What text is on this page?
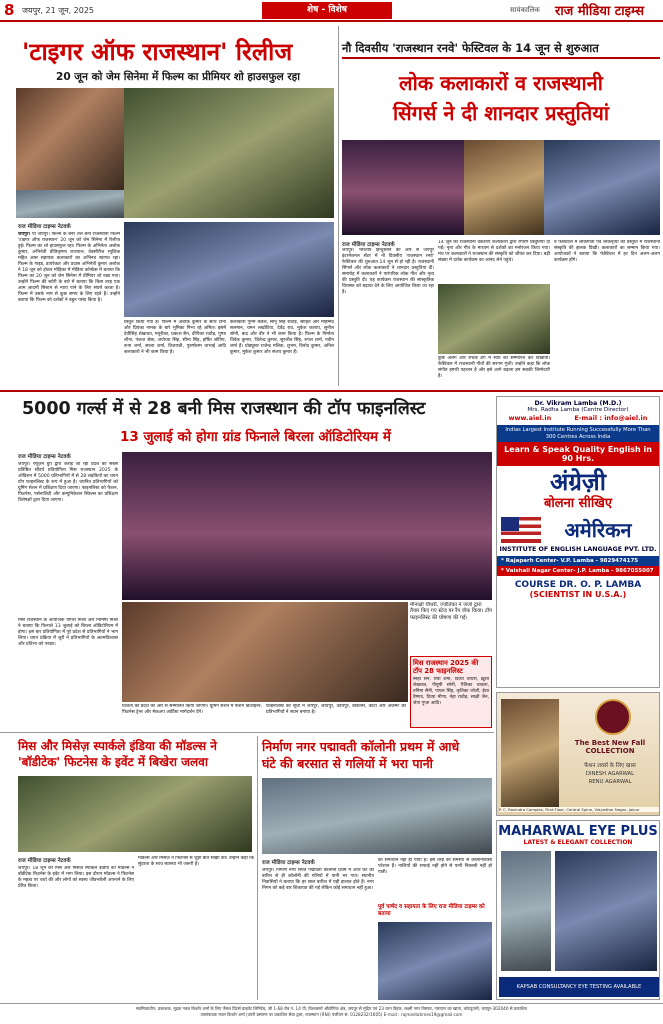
8 जयपुर, 21 जून, 2025	शेष - विशेष	सायंकालिक राज मीडिया टाइम्स
'टाइगर ऑफ राजस्थान' रिलीज
20 जून को जेम सिनेमा में फिल्म का प्रीमियर शो हाउसफुल रहा
राज मीडिया टाइम्स नेटवर्क
जयपुर। पी जयपुर। फिल्म के बैनर तले बनी राजस्थानी फिल्म 'टाइगर ऑफ राजस्थान' 20 जून को जेम सिनेमा में रिलीज हुई। फिल्म का शो हाउसफुल रहा। फिल्म के अभिनेता अशोक कुमार, अभिनेत्री प्रीतिकृष्णा राजपाल, वेबसीरीज म्यूजिक महित आस सहायक कलाकारों का अभिनव स्वागत रहा। फिल्म के गाइड, डायरेक्टर और प्रदास अभिनेत्री कुमार अशोक ने 18 जून को होटल मोहिका में मीडिया कॉन्फ्रेंस में बताया कि फिल्म का 20 जून को जेम सिनेमा में प्रीमियर शो रखा गया। उन्होंने फिल्म की स्टोरी के बारे में बताया कि किस तरह एक आम आदमी सिस्टम से न्याय पाने के लिए संघर्ष करता है। फिल्म में उसके नाम से कुछ समय के लिए रहते हैं। उन्होंने बताया कि फिल्म को दर्शकों ने बहुत पसंद किया है।
प्रस्तुत किया गया है। फिल्म में अशोक कुमार के साथ टीना और प्रियंका नामक के बारे भूमिका निभा रहे अमित। इसमें देवीसिंह शेखावत, मयूरीका, प्रकाश सैन, दीपिका राठौड़, पुष्पा शीना, पंकज श्रेष्ठा, अयोध्या सिंह, सीमा सिंह, हर्षित श्रोत्रिय, रूपा शर्मा, सरला शर्मा, विजयश्री, पुरुषोत्तम धाभाई आदि कलाकारों ने भी काम किया है।
कलाकारों पूनम केवल, सोनू सिंह राठौड़, सोहित और मोहम्मद सलमान, चमन लखोटिया, देवेंद्र राव, मुकेश कश्यप, सुनील सोनी, बाद और वीर ने भी काम किया है। फिल्म के निर्माता विवेक कुमार, जितेन्द्र कुमार, सुरजीत सिंह, रुपल शर्मा, नवीन शर्मा हैं। प्रोड्यूसर राजेन्द्र मलिक, शुभम, विनोद कुमार, अनिल कुमार, मुकेश कुमार और संजय कुमार हैं।
नौ दिवसीय 'राजस्थान रनवे' फेस्टिवल के 14 जून से शुरुआत
लोक कलाकारों व राजस्थानी
सिंगर्स ने दी शानदार प्रस्तुतियां
राज मीडिया टाइम्स नेटवर्क
जयपुर। भारतीय हिन्दुस्तान की ओर से जयपुर इंटरनेशनल सेंटर में नौ दिवसीय 'राजस्थान रनवे' फेस्टिवल की शुरुआत 14 जून से हो रही है। राजस्थानी सिंगर्स और लोक कलाकारों ने शानदार प्रस्तुतियां दीं। समारोह में कलाकारों ने पारंपरिक लोक गीत और नृत्य की प्रस्तुति दी। यह कार्यक्रम राजस्थान की सांस्कृतिक विरासत को बढ़ावा देने के लिए आयोजित किया जा रहा है।
14 जून को राजस्थानी वर्कशॉप कलाकारों द्वारा रंगारंग प्रस्तुतियां दी गईं। नृत्य और गीत के माध्यम से दर्शकों का मनोरंजन किया गया। मंच पर कलाकारों ने राजस्थान की संस्कृति को जीवंत कर दिया। बड़ी संख्या में दर्शक कार्यक्रम का आनंद लेने पहुंचे।
कुछ अलग और रोचक ढंग में स्वयं को सम्मानित कर दिखाया। फेस्टिवल में राजस्थानी गीतों की सरगम गूंजी। उन्होंने कहा कि लोक संगीत हमारी पहचान है और इसे आगे बढ़ाना हम सबकी जिम्मेदारी है।
वे फेस्टिवल में लोकगीतों एवं लोकनृत्यों की प्रस्तुति में राजस्थानी संस्कृति की झलक दिखी। कलाकारों का सम्मान किया गया। आयोजकों ने बताया कि फेस्टिवल में हर दिन अलग-अलग कार्यक्रम होंगे।
5000 गर्ल्स में से 28 बनी मिस राजस्थान की टॉप फाइनलिस्ट
13 जुलाई को होगा ग्रांड फिनाले बिरला ऑडिटोरियम में
राज मीडिया टाइम्स नेटवर्क
जयपुर। फ्यूज़न ग्रुप द्वारा कराई जा रही प्रदेश की सबसे प्रतिष्ठित सौंदर्य प्रतियोगिता मिस राजस्थान 2025 के ऑडिशन में 5000 प्रतिभागियों में से 28 लड़कियों का चयन टॉप फाइनलिस्ट के रूप में हुआ है। चयनित प्रतिभागियों को ग्रूमिंग सेशन में प्रशिक्षण दिया जाएगा। फाइनलिस्ट को फैशन, फिटनेस, पर्सनालिटी और कम्युनिकेशन स्किल्स का प्रशिक्षण विशेषज्ञों द्वारा दिया जाएगा।
मीनाक्षी चौधरी, ज्योतिका ने जजों द्वारा तैयार किए गए स्टेज पर रैंप वॉक किया। टॉप फाइनलिस्ट की घोषणा की गई।
मिस राजस्थान के आयोजक योगेश मिश्रा और निमिषा मिश्रा ने बताया कि फिनाले 13 जुलाई को बिरला ऑडिटोरियम में होगा। इस बार प्रतियोगिता में पूरे प्रदेश से प्रतिभागियों ने भाग लिया। चयन प्रक्रिया में जूरी ने प्रतिभागियों के आत्मविश्वास और प्रतिभा को परखा।
विजेता को प्रदेश की ओर से सम्मानित किया जाएगा। ग्रूमिंग सेशन में फैशन डिजाइनर, फिटनेस ट्रेनर और मेकअप आर्टिस्ट मार्गदर्शन देंगे।
फाइनलिस्ट की सूची में जयपुर, जोधपुर, उदयपुर, बीकानेर, कोटा और अजमेर की प्रतिभागियों ने स्थान बनाया है।
मिस राजस्थान 2025 की टॉप 28 फाइनलिस्ट
स्नेहा सेन, रिया शर्मा, दिव्या चौधरी, ख़ुशी शेखावत, पीयूषी सोनी, रितिका चावला, तनिषा सैनी, पायल सिंह, कृतिका जोशी, ईशा वैष्णव, दिव्या मीणा, नेहा राठौड़, साक्षी जैन, श्रेया गुप्ता आदि।
Dr. Vikram Lamba (M.D.)
Mrs. Radha Lamba (Centre Director)
www.aiel.in	E-mail : info@aiel.in
Indias Largest Institute Running Successfully More Than 300 Centres Across India
Learn & Speak Quality English in 90 Hrs.
अंग्रेज़ी
बोलना सीखिए
अमेरिकन
INSTITUTE OF ENGLISH LANGUAGE PVT. LTD.
* Rajaparh Center- V.P. Lamba - 9829474175
* Vaishali Nagar Center- J.P. Lamba - 9867055007
COURSE DR. O. P. LAMBA
(SCIENTIST IN U.S.A.)
The Best New Fall COLLECTION
फैशन लवर्स के लिए खास
DINESH AGARWAL
RENU AGARWAL
P. C. Ravindra Complex, First Floor, Central Spine, Vidyadhar Nagar, Jaipur
MAHARWAL EYE PLUS
LATEST & ELEGANT COLLECTION
KAPSAB CONSULTANCY EYE TESTING AVAILABLE
मिस और मिसेज़ स्पार्कले इंडिया की मॉडल्स ने
'बॉडीटेक' फिटनेस के इवेंट में बिखेरा जलवा
राज मीडिया टाइम्स नेटवर्क
जयपुर। 18 जून को मिस और मिसेज़ स्पार्कले इंडिया की मॉडल्स ने बॉडीटेक फिटनेस के इवेंट में भाग लिया। इस दौरान मॉडल्स ने फिटनेस के महत्व पर चर्चा की और लोगों को स्वस्थ जीवनशैली अपनाने के लिए प्रेरित किया।
मॉडल्स और मिसेज़ ने फिटनेस से जुड़ी बातें साझा कीं। उन्होंने कहा कि सुंदरता के साथ स्वास्थ्य भी जरूरी है।
निर्माण नगर पद्मावती कॉलोनी प्रथम में आधे
घंटे की बरसात से गलियों में भरा पानी
राज मीडिया टाइम्स नेटवर्क
जयपुर। निर्माण नगर स्थित पद्मावती कॉलोनी प्रथम में आधे घंटे की बारिश से ही कॉलोनी की गलियों में पानी भर गया। स्थानीय निवासियों ने बताया कि हर साल बारिश में यही हालात होते हैं। नगर निगम को कई बार शिकायत की गई लेकिन कोई समाधान नहीं हुआ।
का समाधान नहीं हो पाया है। इस तरह की समस्या से कॉलोनीवासी परेशान हैं। नालियों की सफाई नहीं होने से पानी निकासी नहीं हो पाती।
पूर्व पार्षद व सहायता के लिए राज मीडिया टाइम्स को बताया
स्वामित्वाधीन, प्रकाशक, मुद्रक नवल किशोर शर्मा के लिए जैमल प्रिंटर्स प्राइवेट लिमिटेड, जी 1-68 रोड नं. 14 पी, विश्वकर्मा औद्योगिक क्षेत्र, जयपुर से मुद्रित एवं 23 रतन विहार, लक्ष्मी नगर विस्तार, नारायण का खाता, कोटपुतली, जयपुर-302040 से प्रकाशित
उपसंपादक नवल किशोर शर्मा (उपरी प्रसारण पर प्रकाशित सेवा द्वारा, राजस्थान (RNI) पंजीयन सं. 0128232/1605) E-mail : rajmediatimes19@gmail.com
